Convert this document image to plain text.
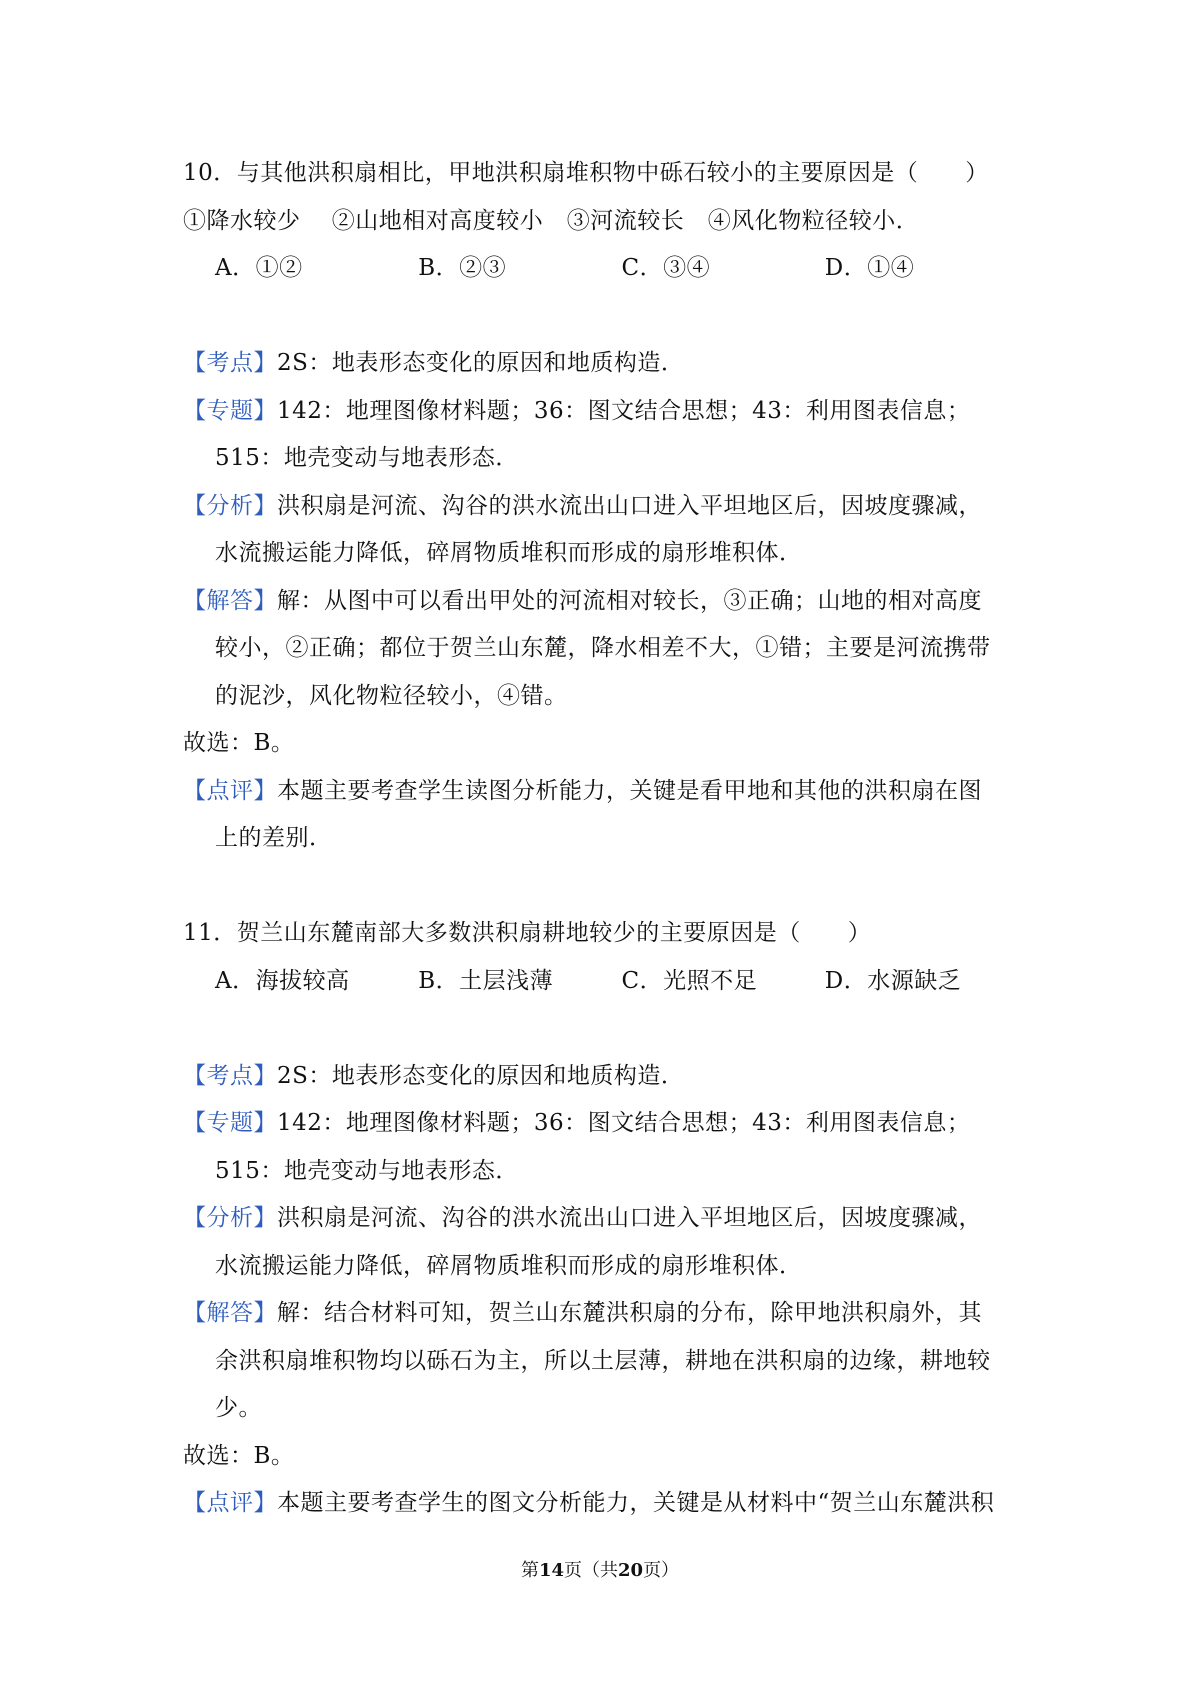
10．与其他洪积扇相比，甲地洪积扇堆积物中砾石较小的主要原因是（　　）
①降水较少　 ②山地相对高度较小　③河流较长　④风化物粒径较小．
A．①②	B．②③	C．③④	D．①④
【考点】2S：地表形态变化的原因和地质构造．
【专题】142：地理图像材料题；36：图文结合思想；43：利用图表信息；
515：地壳变动与地表形态．
【分析】洪积扇是河流、沟谷的洪水流出山口进入平坦地区后，因坡度骤减，
水流搬运能力降低，碎屑物质堆积而形成的扇形堆积体．
【解答】解：从图中可以看出甲处的河流相对较长，③正确；山地的相对高度
较小，②正确；都位于贺兰山东麓，降水相差不大，①错；主要是河流携带
的泥沙，风化物粒径较小，④错。
故选：B。
【点评】本题主要考查学生读图分析能力，关键是看甲地和其他的洪积扇在图
上的差别．
11．贺兰山东麓南部大多数洪积扇耕地较少的主要原因是（　　）
A．海拔较高	B．土层浅薄	C．光照不足	D．水源缺乏
【考点】2S：地表形态变化的原因和地质构造．
【专题】142：地理图像材料题；36：图文结合思想；43：利用图表信息；
515：地壳变动与地表形态．
【分析】洪积扇是河流、沟谷的洪水流出山口进入平坦地区后，因坡度骤减，
水流搬运能力降低，碎屑物质堆积而形成的扇形堆积体．
【解答】解：结合材料可知，贺兰山东麓洪积扇的分布，除甲地洪积扇外，其
余洪积扇堆积物均以砾石为主，所以土层薄，耕地在洪积扇的边缘，耕地较
少。
故选：B。
【点评】本题主要考查学生的图文分析能力，关键是从材料中“贺兰山东麓洪积
第14页（共20页）
